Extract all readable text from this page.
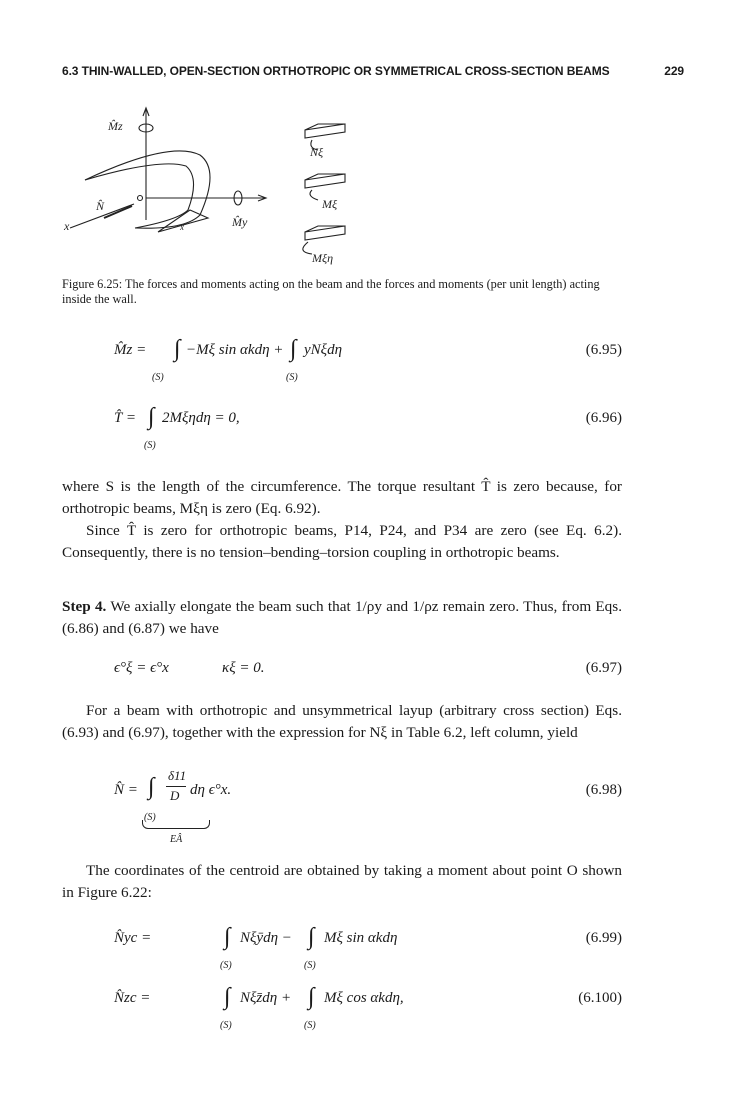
6.3 THIN-WALLED, OPEN-SECTION ORTHOTROPIC OR SYMMETRICAL CROSS-SECTION BEAMS	229
M̂z
N̂
x	M̂y
x
Nξ
Mξ
Mξη
Figure 6.25: The forces and moments acting on the beam and the forces and moments (per unit length) acting inside the wall.
M̂z = ∫
(S)
−Mξ sin αkdη + ∫
(S)
yNξdη	(6.95)
T̂ = ∫
(S)
2Mξηdη = 0,	(6.96)
where S is the length of the circumference. The torque resultant T̂ is zero because, for orthotropic beams, Mξη is zero (Eq. 6.92).
Since T̂ is zero for orthotropic beams, P14, P24, and P34 are zero (see Eq. 6.2). Consequently, there is no tension–bending–torsion coupling in orthotropic beams.
Step 4. We axially elongate the beam such that 1/ρy and 1/ρz remain zero. Thus, from Eqs. (6.86) and (6.87) we have
ϵ°ξ = ϵ°x	κξ = 0.	(6.97)
For a beam with orthotropic and unsymmetrical layup (arbitrary cross section) Eqs. (6.93) and (6.97), together with the expression for Nξ in Table 6.2, left column, yield
N̂ = ∫
(S)
δ11
D dη ϵ°x.
EÂ
(6.98)
The coordinates of the centroid are obtained by taking a moment about point O shown in Figure 6.22:
N̂yc =	∫
(S)
Nξȳdη − ∫
(S)
Mξ sin αkdη	(6.99)
N̂zc =	∫
(S)
Nξz̄dη + ∫
(S)
Mξ cos αkdη,	(6.100)
